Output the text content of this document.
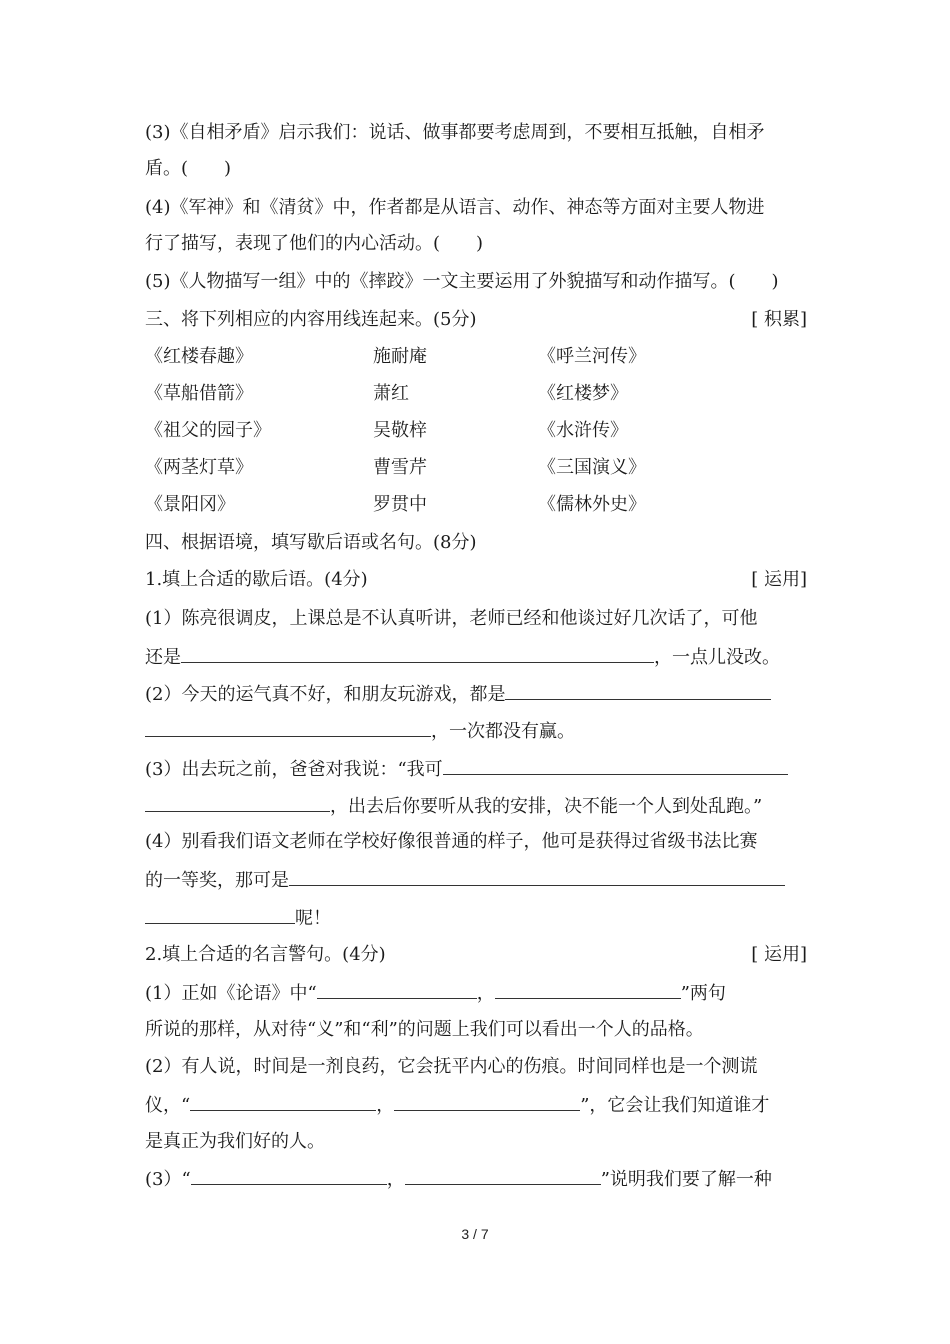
(3)《自相矛盾》启示我们：说话、做事都要考虑周到，不要相互抵触，自相矛
盾。(　　)
(4)《军神》和《清贫》中，作者都是从语言、动作、神态等方面对主要人物进
行了描写，表现了他们的内心活动。(　　)
(5)《人物描写一组》中的《摔跤》一文主要运用了外貌描写和动作描写。(　　)
三、将下列相应的内容用线连起来。(5分)	[ 积累]
《红楼春趣》	施耐庵	《呼兰河传》
《草船借箭》	萧红	《红楼梦》
《祖父的园子》	吴敬梓	《水浒传》
《两茎灯草》	曹雪芹	《三国演义》
《景阳冈》	罗贯中	《儒林外史》
四、根据语境，填写歇后语或名句。(8分)
1.填上合适的歇后语。(4分)	[ 运用]
(1）陈亮很调皮，上课总是不认真听讲，老师已经和他谈过好几次话了，可他
还是	，一点儿没改。
(2）今天的运气真不好，和朋友玩游戏，都是
，一次都没有赢。
(3）出去玩之前，爸爸对我说：“我可
，出去后你要听从我的安排，决不能一个人到处乱跑。”
(4）别看我们语文老师在学校好像很普通的样子，他可是获得过省级书法比赛
的一等奖，那可是
呢！
2.填上合适的名言警句。(4分)	[ 运用]
(1）正如《论语》中“	，	”两句
所说的那样，从对待“义”和“利”的问题上我们可以看出一个人的品格。
(2）有人说，时间是一剂良药，它会抚平内心的伤痕。时间同样也是一个测谎
仪，“	，	”，它会让我们知道谁才
是真正为我们好的人。
(3）“	，	”说明我们要了解一种
3 / 7
